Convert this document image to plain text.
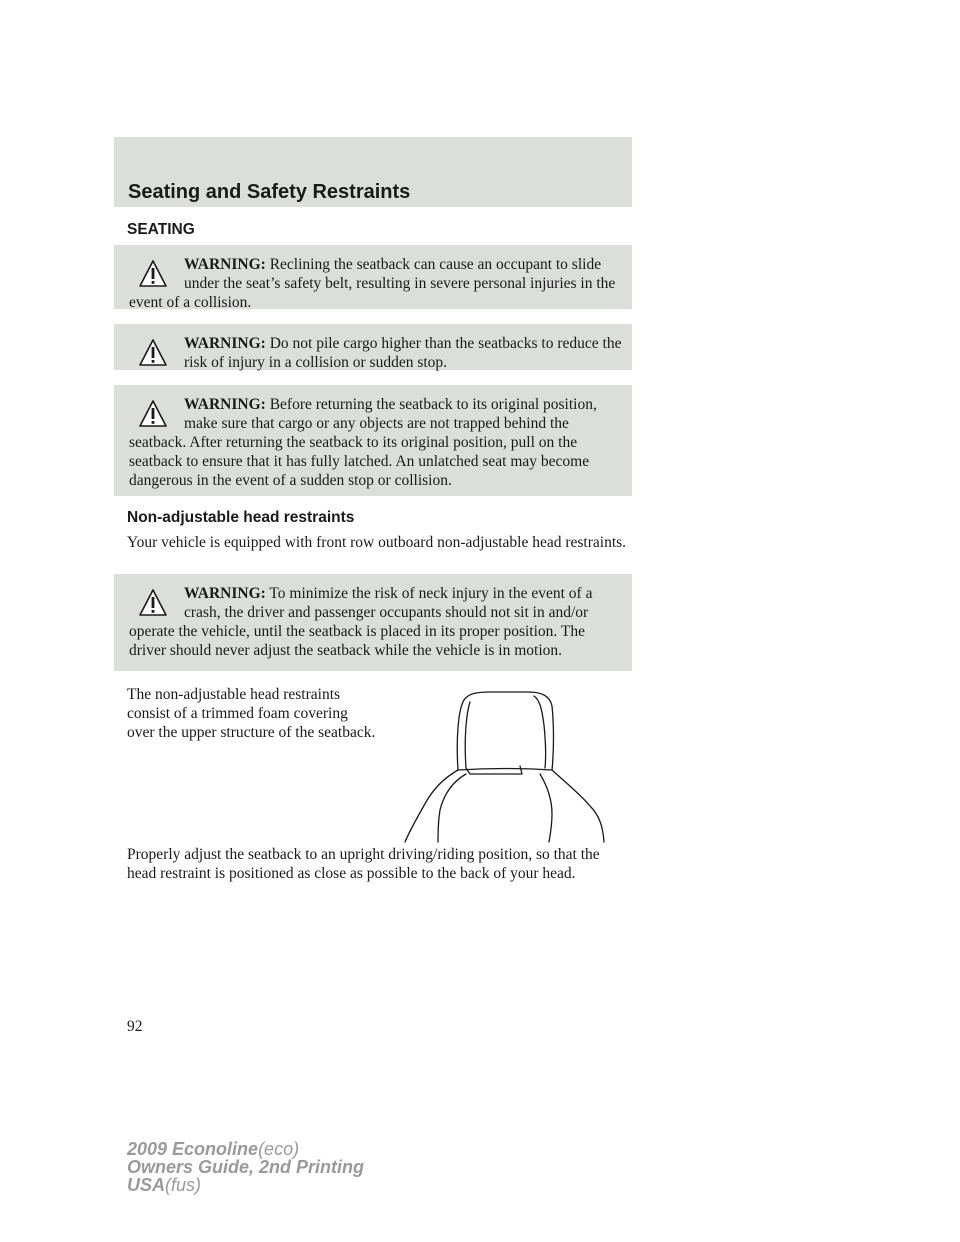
Seating and Safety Restraints
SEATING
WARNING: Reclining the seatback can cause an occupant to slide under the seat’s safety belt, resulting in severe personal injuries in the event of a collision.
WARNING: Do not pile cargo higher than the seatbacks to reduce the risk of injury in a collision or sudden stop.
WARNING: Before returning the seatback to its original position, make sure that cargo or any objects are not trapped behind the seatback. After returning the seatback to its original position, pull on the seatback to ensure that it has fully latched. An unlatched seat may become dangerous in the event of a sudden stop or collision.
Non-adjustable head restraints

Your vehicle is equipped with front row outboard non-adjustable head restraints.

WARNING: To minimize the risk of neck injury in the event of a crash, the driver and passenger occupants should not sit in and/or operate the vehicle, until the seatback is placed in its proper position. The driver should never adjust the seatback while the vehicle is in motion.

The non-adjustable head restraints consist of a trimmed foam covering over the upper structure of the seatback.

Properly adjust the seatback to an upright driving/riding position, so that the head restraint is positioned as close as possible to the back of your head.

92
2009 Econoline(eco)
Owners Guide, 2nd Printing
USA(fus)
